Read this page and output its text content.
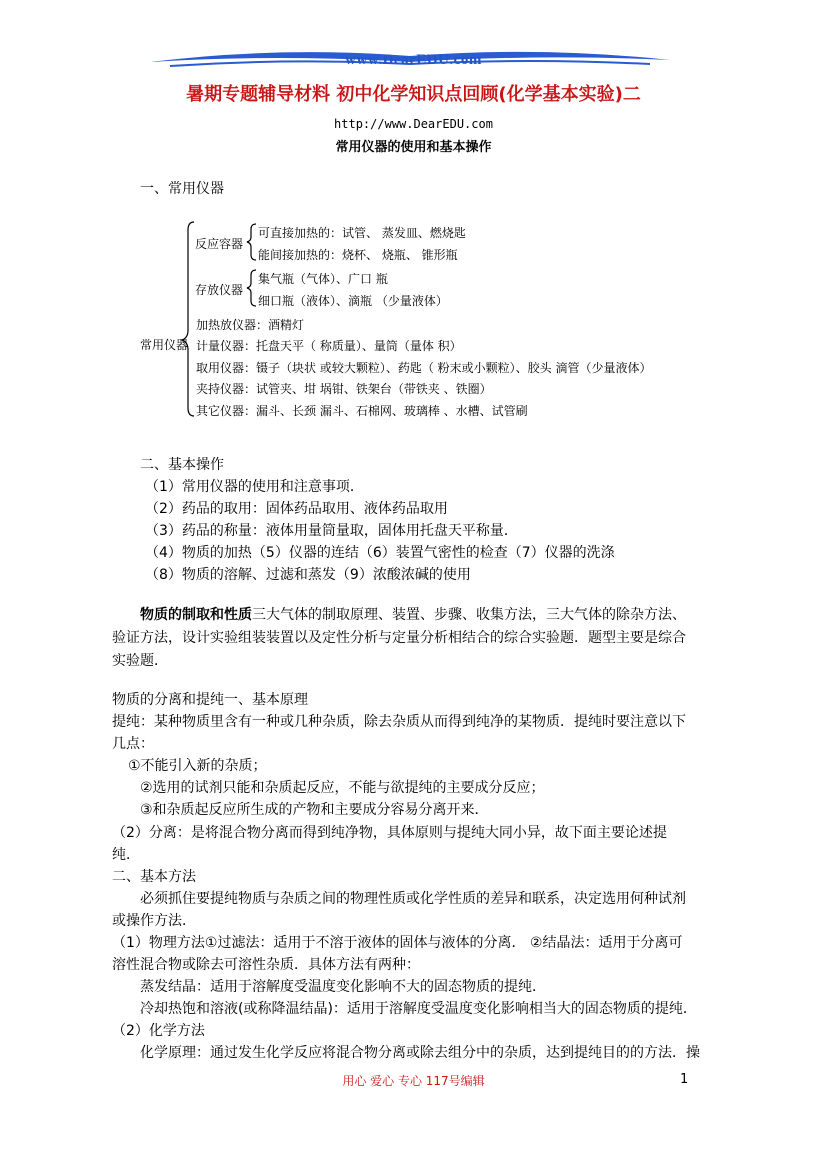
www.DearEDU.com
暑期专题辅导材料 初中化学知识点回顾(化学基本实验)二
http://www.DearEDU.com
常用仪器的使用和基本操作
一、常用仪器
常用仪器
反应容器
可直接加热的：试管、 蒸发皿、燃烧匙
能间接加热的：烧杯、 烧瓶、 锥形瓶
存放仪器
集气瓶（气体）、广口 瓶
细口瓶（液体）、滴瓶 （少量液体）
加热放仪器：酒精灯
计量仪器：托盘天平（ 称质量）、量筒（量体 积）
取用仪器：镊子（块状 或较大颗粒）、药匙（ 粉末或小颗粒）、胶头 滴管（少量液体）
夹持仪器：试管夹、坩 埚钳、铁架台（带铁夹 、铁圈）
其它仪器：漏斗、长颈 漏斗、石棉网、玻璃棒 、水槽、试管刷
二、基本操作
（1）常用仪器的使用和注意事项．
（2）药品的取用：固体药品取用、液体药品取用
（3）药品的称量：液体用量筒量取，固体用托盘天平称量．
（4）物质的加热（5）仪器的连结（6）装置气密性的检查（7）仪器的洗涤
（8）物质的溶解、过滤和蒸发（9）浓酸浓碱的使用
物质的制取和性质三大气体的制取原理、装置、步骤、收集方法，三大气体的除杂方法、
验证方法，设计实验组装装置以及定性分析与定量分析相结合的综合实验题．题型主要是综合
实验题．
物质的分离和提纯一、基本原理
提纯：某种物质里含有一种或几种杂质，除去杂质从而得到纯净的某物质．提纯时要注意以下
几点：
①不能引入新的杂质；
②选用的试剂只能和杂质起反应，不能与欲提纯的主要成分反应；
③和杂质起反应所生成的产物和主要成分容易分离开来．
（2）分离：是将混合物分离而得到纯净物，具体原则与提纯大同小异，故下面主要论述提
纯．
二、基本方法
必须抓住要提纯物质与杂质之间的物理性质或化学性质的差异和联系，决定选用何种试剂
或操作方法．
（1）物理方法①过滤法：适用于不溶于液体的固体与液体的分离． ②结晶法：适用于分离可
溶性混合物或除去可溶性杂质．具体方法有两种：
蒸发结晶：适用于溶解度受温度变化影响不大的固态物质的提纯．
冷却热饱和溶液(或称降温结晶)：适用于溶解度受温度变化影响相当大的固态物质的提纯．
（2）化学方法
化学原理：通过发生化学反应将混合物分离或除去组分中的杂质，达到提纯目的的方法．操
用心 爱心 专心 117号编辑	1
